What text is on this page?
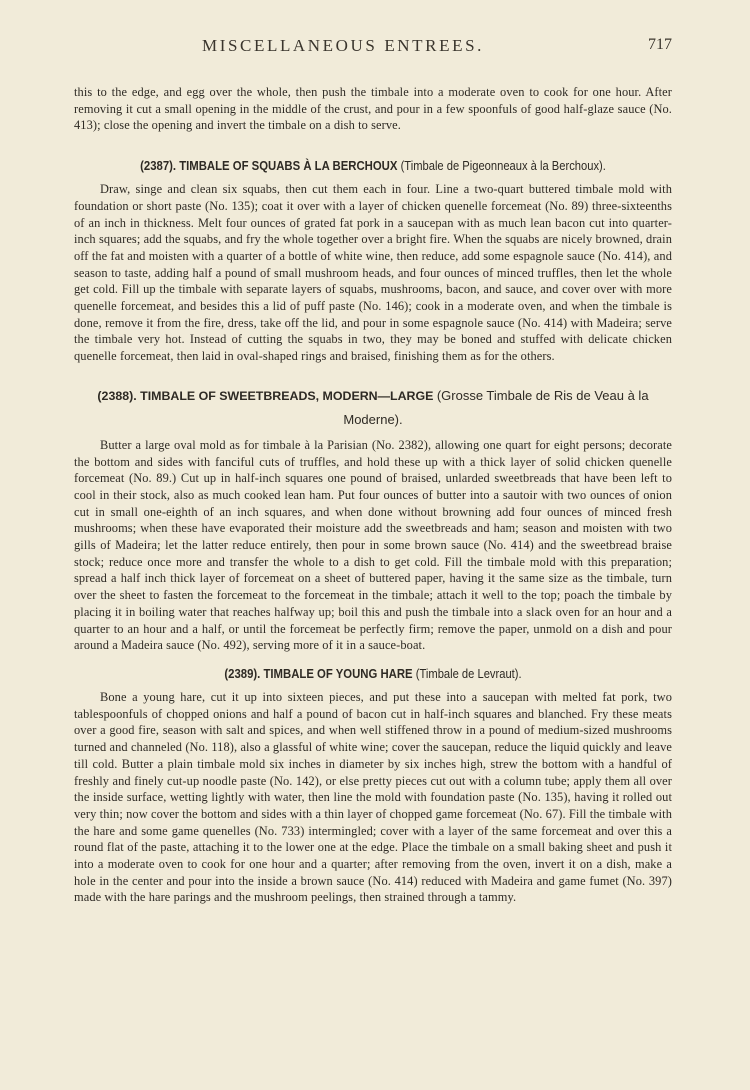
MISCELLANEOUS ENTREES.	717

this to the edge, and egg over the whole, then push the timbale into a moderate oven to cook for one hour. After removing it cut a small opening in the middle of the crust, and pour in a few spoonfuls of good half-glaze sauce (No. 413); close the opening and invert the timbale on a dish to serve.

(2387). TIMBALE OF SQUABS À LA BERCHOUX (Timbale de Pigeonneaux à la Berchoux).

Draw, singe and clean six squabs, then cut them each in four. Line a two-quart buttered timbale mold with foundation or short paste (No. 135); coat it over with a layer of chicken quenelle forcemeat (No. 89) three-sixteenths of an inch in thickness. Melt four ounces of grated fat pork in a saucepan with as much lean bacon cut into quarter-inch squares; add the squabs, and fry the whole together over a bright fire. When the squabs are nicely browned, drain off the fat and moisten with a quarter of a bottle of white wine, then reduce, add some espagnole sauce (No. 414), and season to taste, adding half a pound of small mushroom heads, and four ounces of minced truffles, then let the whole get cold. Fill up the timbale with separate layers of squabs, mushrooms, bacon, and sauce, and cover over with more quenelle forcemeat, and besides this a lid of puff paste (No. 146); cook in a moderate oven, and when the timbale is done, remove it from the fire, dress, take off the lid, and pour in some espagnole sauce (No. 414) with Madeira; serve the timbale very hot. Instead of cutting the squabs in two, they may be boned and stuffed with delicate chicken quenelle forcemeat, then laid in oval-shaped rings and braised, finishing them as for the others.

(2388). TIMBALE OF SWEETBREADS, MODERN—LARGE (Grosse Timbale de Ris de Veau à la
Moderne).

Butter a large oval mold as for timbale à la Parisian (No. 2382), allowing one quart for eight persons; decorate the bottom and sides with fanciful cuts of truffles, and hold these up with a thick layer of solid chicken quenelle forcemeat (No. 89.) Cut up in half-inch squares one pound of braised, unlarded sweetbreads that have been left to cool in their stock, also as much cooked lean ham. Put four ounces of butter into a sautoir with two ounces of onion cut in small one-eighth of an inch squares, and when done without browning add four ounces of minced fresh mushrooms; when these have evaporated their moisture add the sweetbreads and ham; season and moisten with two gills of Madeira; let the latter reduce entirely, then pour in some brown sauce (No. 414) and the sweetbread braise stock; reduce once more and transfer the whole to a dish to get cold. Fill the timbale mold with this preparation; spread a half inch thick layer of forcemeat on a sheet of buttered paper, having it the same size as the timbale, turn over the sheet to fasten the forcemeat to the forcemeat in the timbale; attach it well to the top; poach the timbale by placing it in boiling water that reaches halfway up; boil this and push the timbale into a slack oven for an hour and a quarter to an hour and a half, or until the forcemeat be perfectly firm; remove the paper, unmold on a dish and pour around a Madeira sauce (No. 492), serving more of it in a sauce-boat.

(2389). TIMBALE OF YOUNG HARE (Timbale de Levraut).

Bone a young hare, cut it up into sixteen pieces, and put these into a saucepan with melted fat pork, two tablespoonfuls of chopped onions and half a pound of bacon cut in half-inch squares and blanched. Fry these meats over a good fire, season with salt and spices, and when well stiffened throw in a pound of medium-sized mushrooms turned and channeled (No. 118), also a glassful of white wine; cover the saucepan, reduce the liquid quickly and leave till cold. Butter a plain timbale mold six inches in diameter by six inches high, strew the bottom with a handful of freshly and finely cut-up noodle paste (No. 142), or else pretty pieces cut out with a column tube; apply them all over the inside surface, wetting lightly with water, then line the mold with foundation paste (No. 135), having it rolled out very thin; now cover the bottom and sides with a thin layer of chopped game forcemeat (No. 67). Fill the timbale with the hare and some game quenelles (No. 733) intermingled; cover with a layer of the same forcemeat and over this a round flat of the paste, attaching it to the lower one at the edge. Place the timbale on a small baking sheet and push it into a moderate oven to cook for one hour and a quarter; after removing from the oven, invert it on a dish, make a hole in the center and pour into the inside a brown sauce (No. 414) reduced with Madeira and game fumet (No. 397) made with the hare parings and the mushroom peelings, then strained through a tammy.
